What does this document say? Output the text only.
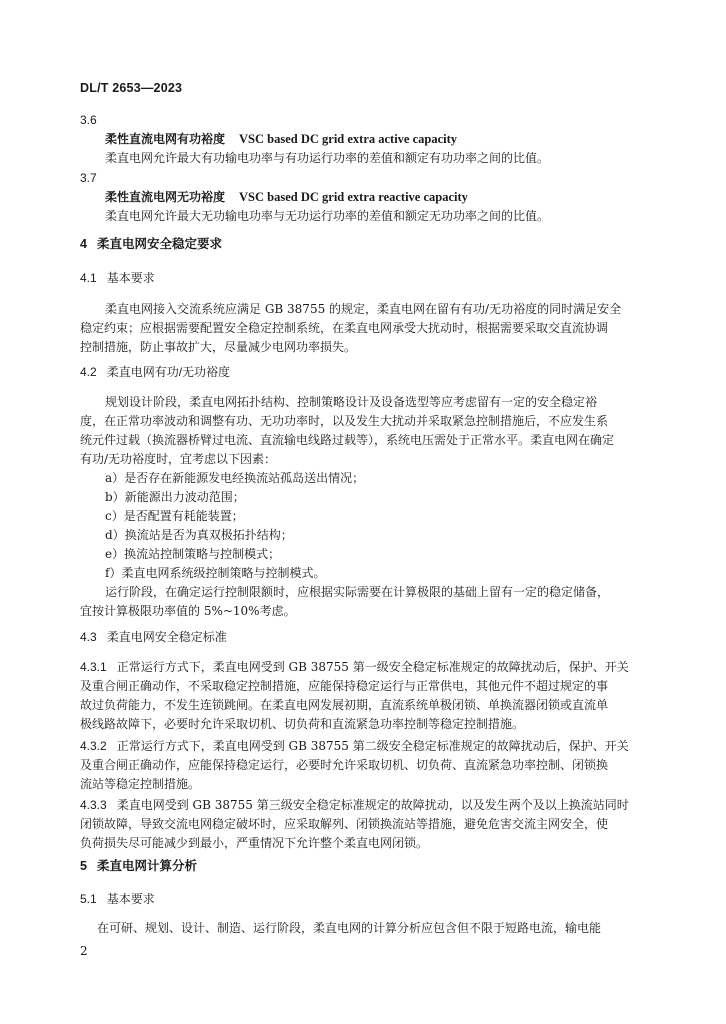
DL/T 2653—2023
3.6
柔性直流电网有功裕度 VSC based DC grid extra active capacity
柔直电网允许最大有功输电功率与有功运行功率的差值和额定有功功率之间的比值。
3.7
柔性直流电网无功裕度 VSC based DC grid extra reactive capacity
柔直电网允许最大无功输电功率与无功运行功率的差值和额定无功功率之间的比值。
4 柔直电网安全稳定要求
4.1 基本要求
柔直电网接入交流系统应满足 GB 38755 的规定，柔直电网在留有有功/无功裕度的同时满足安全
稳定约束；应根据需要配置安全稳定控制系统，在柔直电网承受大扰动时，根据需要采取交直流协调
控制措施，防止事故扩大，尽量减少电网功率损失。
4.2 柔直电网有功/无功裕度
规划设计阶段，柔直电网拓扑结构、控制策略设计及设备选型等应考虑留有一定的安全稳定裕
度，在正常功率波动和调整有功、无功功率时，以及发生大扰动并采取紧急控制措施后，不应发生系
统元件过载（换流器桥臂过电流、直流输电线路过载等），系统电压需处于正常水平。柔直电网在确定
有功/无功裕度时，宜考虑以下因素：
a）是否存在新能源发电经换流站孤岛送出情况；
b）新能源出力波动范围；
c）是否配置有耗能装置；
d）换流站是否为真双极拓扑结构；
e）换流站控制策略与控制模式；
f）柔直电网系统级控制策略与控制模式。
运行阶段，在确定运行控制限额时，应根据实际需要在计算极限的基础上留有一定的稳定储备，
宜按计算极限功率值的 5%~10%考虑。
4.3 柔直电网安全稳定标准
4.3.1 正常运行方式下，柔直电网受到 GB 38755 第一级安全稳定标准规定的故障扰动后，保护、开关
及重合闸正确动作，不采取稳定控制措施，应能保持稳定运行与正常供电，其他元件不超过规定的事
故过负荷能力，不发生连锁跳闸。在柔直电网发展初期，直流系统单极闭锁、单换流器闭锁或直流单
极线路故障下，必要时允许采取切机、切负荷和直流紧急功率控制等稳定控制措施。
4.3.2 正常运行方式下，柔直电网受到 GB 38755 第二级安全稳定标准规定的故障扰动后，保护、开关
及重合闸正确动作，应能保持稳定运行，必要时允许采取切机、切负荷、直流紧急功率控制、闭锁换
流站等稳定控制措施。
4.3.3 柔直电网受到 GB 38755 第三级安全稳定标准规定的故障扰动，以及发生两个及以上换流站同时
闭锁故障，导致交流电网稳定破坏时，应采取解列、闭锁换流站等措施，避免危害交流主网安全，使
负荷损失尽可能减少到最小，严重情况下允许整个柔直电网闭锁。
5 柔直电网计算分析
5.1 基本要求
在可研、规划、设计、制造、运行阶段，柔直电网的计算分析应包含但不限于短路电流，输电能
2
